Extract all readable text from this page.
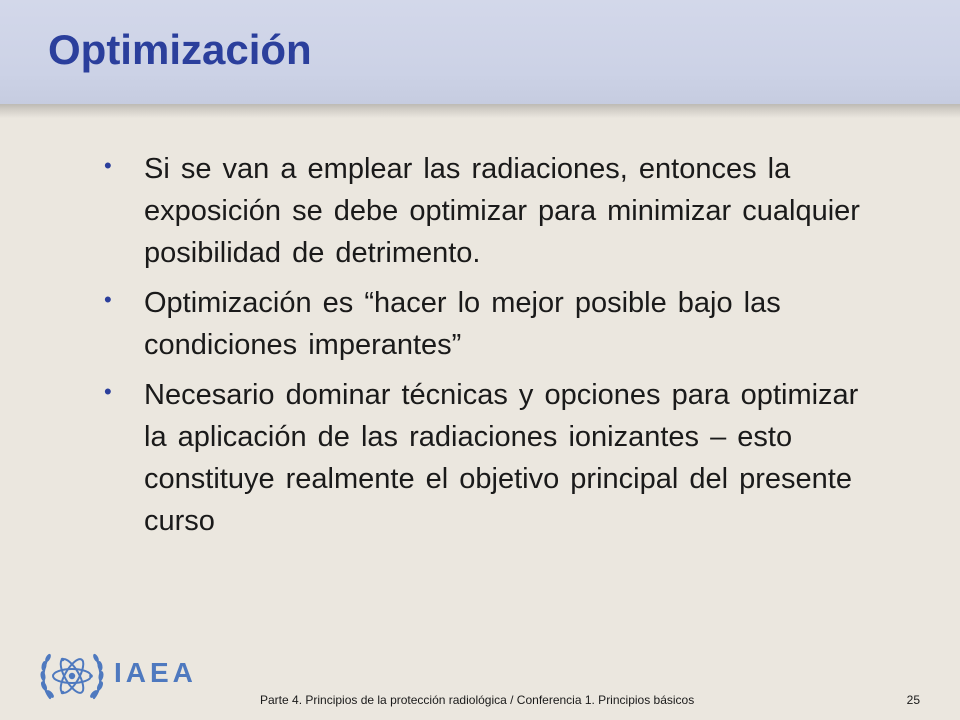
Optimización
• Si se van a emplear las radiaciones, entonces la exposición se debe optimizar para minimizar cualquier posibilidad de detrimento.
• Optimización es “hacer lo mejor posible bajo las condiciones imperantes”
• Necesario dominar técnicas y opciones para optimizar la aplicación de las radiaciones ionizantes – esto constituye realmente el objetivo principal del presente curso
IAEA
Parte 4. Principios de la protección radiológica / Conferencia 1. Principios básicos	25
